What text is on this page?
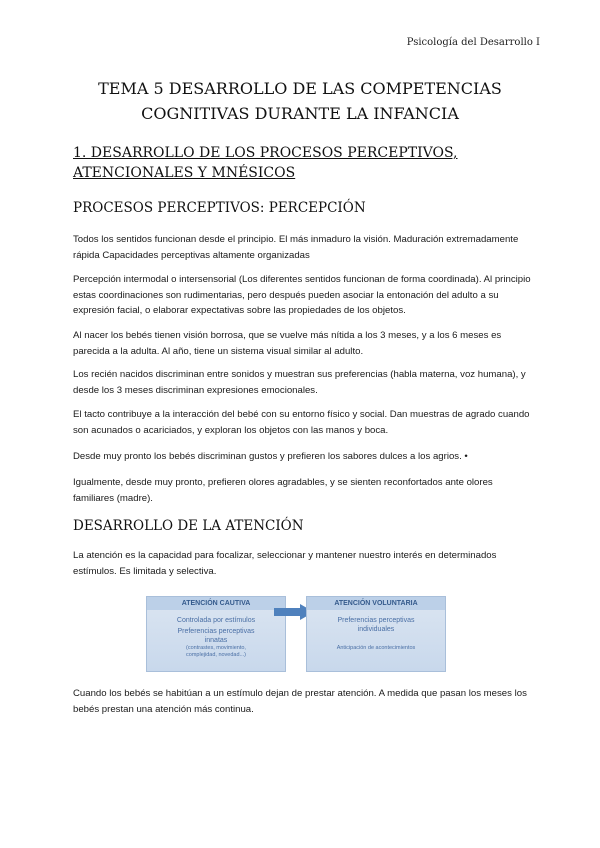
Psicología del Desarrollo I
TEMA 5 DESARROLLO DE LAS COMPETENCIAS
COGNITIVAS DURANTE LA INFANCIA
1. DESARROLLO DE LOS PROCESOS PERCEPTIVOS,
ATENCIONALES Y MNÉSICOS
PROCESOS PERCEPTIVOS: PERCEPCIÓN

Todos los sentidos funcionan desde el principio. El más inmaduro la visión. Maduración extremadamente rápida Capacidades perceptivas altamente organizadas

Percepción intermodal o intersensorial (Los diferentes sentidos funcionan de forma coordinada). Al principio estas coordinaciones son rudimentarias, pero después pueden asociar la entonación del adulto a su expresión facial, o elaborar expectativas sobre las propiedades de los objetos.

Al nacer los bebés tienen visión borrosa, que se vuelve más nítida a los 3 meses, y a los 6 meses es parecida a la adulta. Al año, tiene un sistema visual similar al adulto.

Los recién nacidos discriminan entre sonidos y muestran sus preferencias (habla materna, voz humana), y desde los 3 meses discriminan expresiones emocionales.

El tacto contribuye a la interacción del bebé con su entorno físico y social. Dan muestras de agrado cuando son acunados o acariciados, y exploran los objetos con las manos y boca.

Desde muy pronto los bebés discriminan gustos y prefieren los sabores dulces a los agrios. •

Igualmente, desde muy pronto, prefieren olores agradables, y se sienten reconfortados ante olores familiares (madre).

DESARROLLO DE LA ATENCIÓN

La atención es la capacidad para focalizar, seleccionar y mantener nuestro interés en determinados estímulos. Es limitada y selectiva.

ATENCIÓN CAUTIVA
Controlada por estímulos
Preferencias perceptivas
innatas
(contrastes, movimiento,
complejidad, novedad...)
ATENCIÓN VOLUNTARIA
Preferencias perceptivas
individuales
Anticipación de acontecimientos

Cuando los bebés se habitúan a un estímulo dejan de prestar atención. A medida que pasan los meses los bebés prestan una atención más continua.
